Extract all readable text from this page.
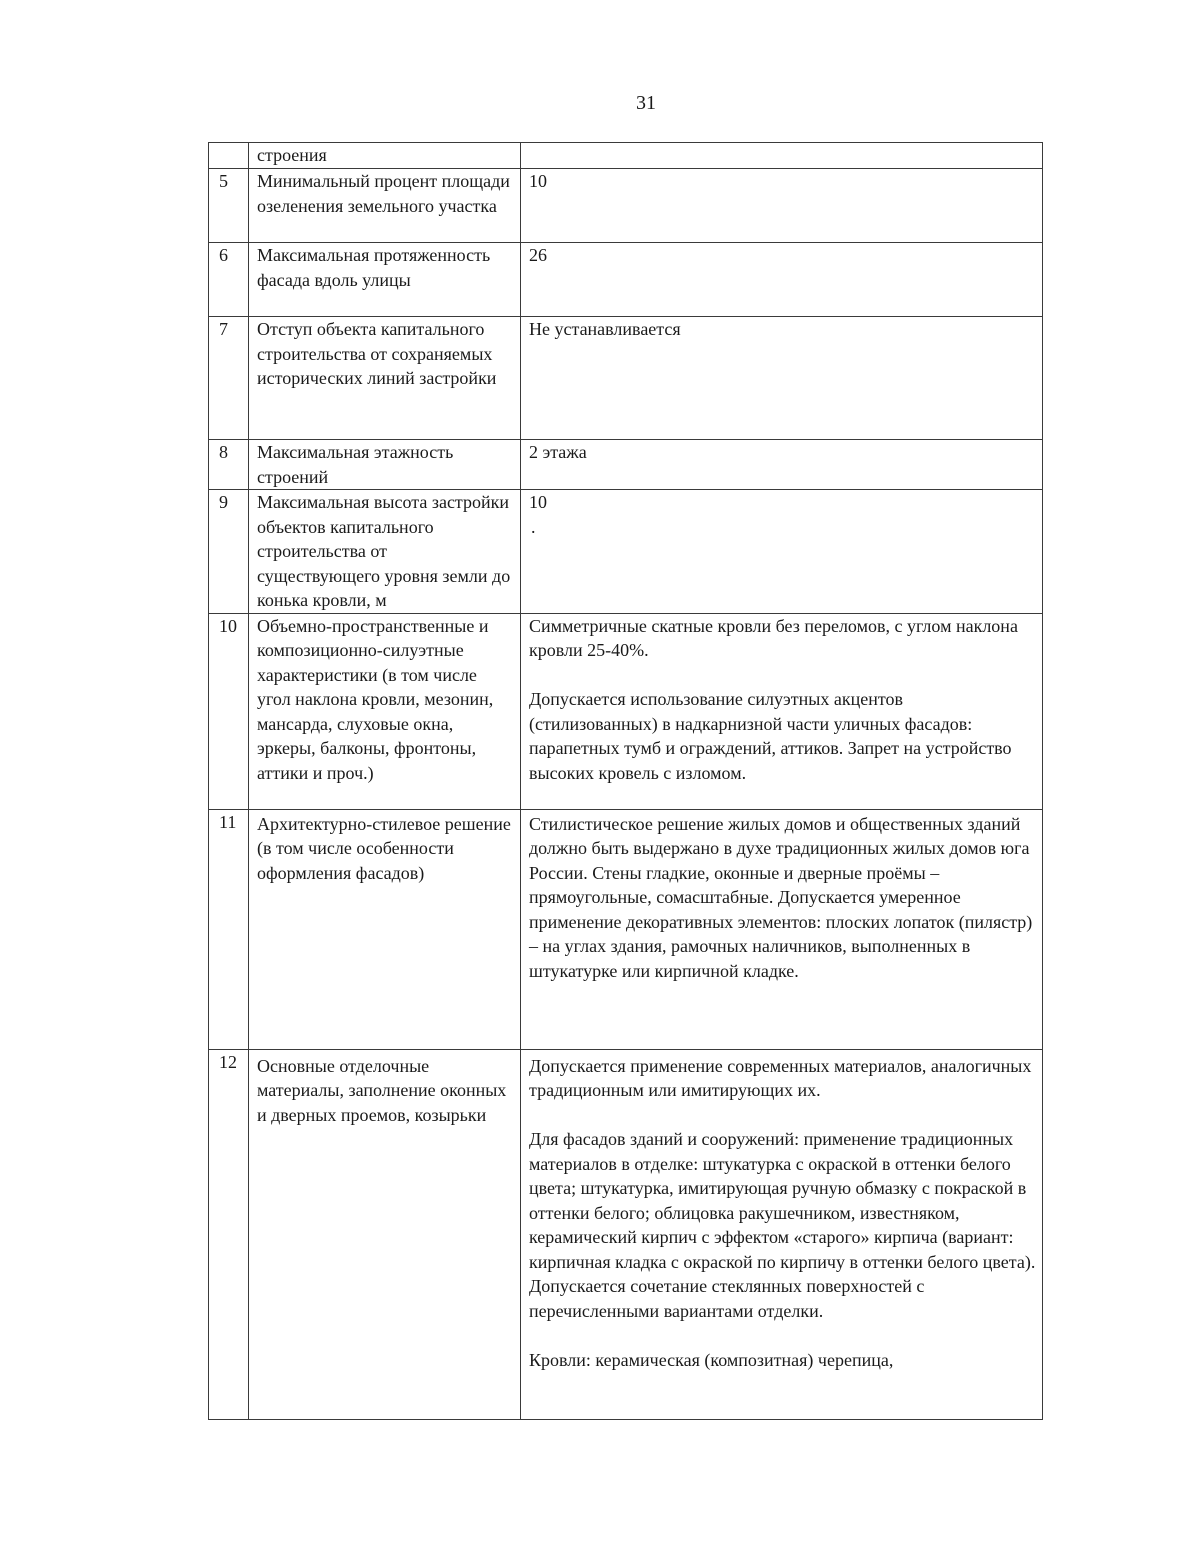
31
	строения	
5	Минимальный процент площади озеленения земельного участка	10

6	Максимальная протяженность фасада вдоль улицы	26

7	Отступ объекта капитального строительства от сохраняемых исторических линий застройки	Не устанавливается

8	Максимальная этажность строений	2 этажа

9	Максимальная высота застройки объектов капитального строительства от существующего уровня земли до конька кровли, м	10

.

10	Объемно-пространственные и композиционно-силуэтные характеристики (в том числе угол наклона кровли, мезонин, мансарда, слуховые окна, эркеры, балконы, фронтоны, аттики и проч.)	Симметричные скатные кровли без переломов, с углом наклона кровли 25-40%.

Допускается использование силуэтных акцентов (стилизованных) в надкарнизной части уличных фасадов: парапетных тумб и ограждений, аттиков. Запрет на устройство высоких кровель с изломом.

11	Архитектурно-стилевое решение (в том числе особенности оформления фасадов)	Стилистическое решение жилых домов и общественных зданий должно быть выдержано в духе традиционных жилых домов юга России. Стены гладкие, оконные и дверные проёмы – прямоугольные, сомасштабные. Допускается умеренное применение декоративных элементов: плоских лопаток (пилястр) – на углах здания, рамочных наличников, выполненных в штукатурке или кирпичной кладке.

12	Основные отделочные материалы, заполнение оконных и дверных проемов, козырьки	Допускается применение современных материалов, аналогичных традиционным или имитирующих их.

Для фасадов зданий и сооружений: применение традиционных материалов в отделке: штукатурка с окраской в оттенки белого цвета; штукатурка, имитирующая ручную обмазку с покраской в оттенки белого; облицовка ракушечником, известняком, керамический кирпич с эффектом «старого» кирпича (вариант: кирпичная кладка с окраской по кирпичу в оттенки белого цвета). Допускается сочетание стеклянных поверхностей с перечисленными вариантами отделки.

Кровли: керамическая (композитная) черепица,
